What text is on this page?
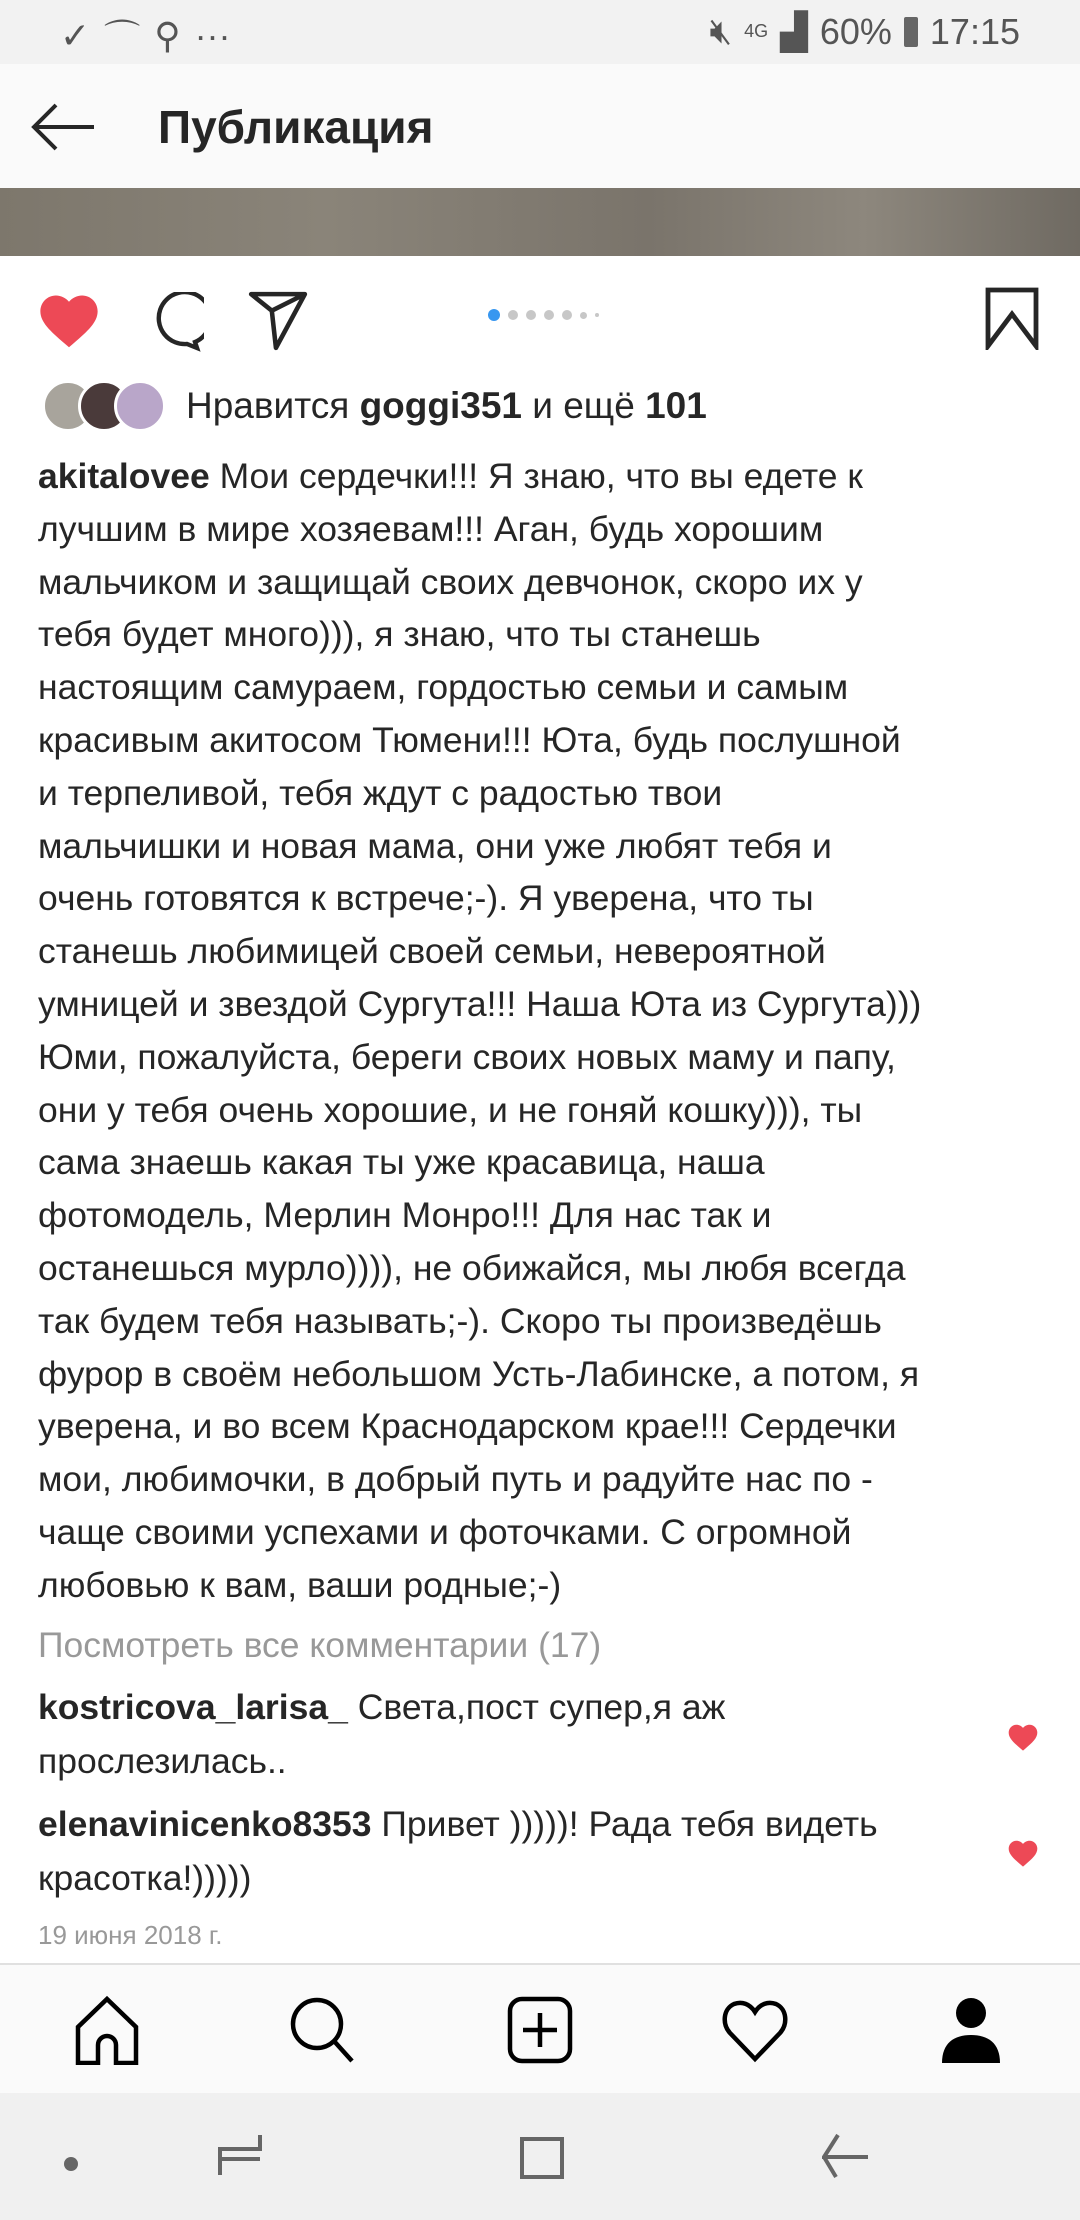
✓ ⌒ ⚲ ···	🔇︎ 4G ▟ 60% 17:15
Публикация
Нравится goggi351 и ещё 101
akitalovee Мои сердечки!!! Я знаю, что вы едете к
лучшим в мире хозяевам!!! Аган, будь хорошим
мальчиком и защищай своих девчонок, скоро их у
тебя будет много))), я знаю, что ты станешь
настоящим самураем, гордостью семьи и самым
красивым акитосом Тюмени!!! Юта, будь послушной
и терпеливой, тебя ждут с радостью твои
мальчишки и новая мама, они уже любят тебя и
очень готовятся к встрече;-). Я уверена, что ты
станешь любимицей своей семьи, невероятной
умницей и звездой Сургута!!! Наша Юта из Сургута)))
Юми, пожалуйста, береги своих новых маму и папу,
они у тебя очень хорошие, и не гоняй кошку))), ты
сама знаешь какая ты уже красавица, наша
фотомодель, Мерлин Монро!!! Для нас так и
останешься мурло)))), не обижайся, мы любя всегда
так будем тебя называть;-). Скоро ты произведёшь
фурор в своём небольшом Усть-Лабинске, а потом, я
уверена, и во всем Краснодарском крае!!! Сердечки
мои, любимочки, в добрый путь и радуйте нас по -
чаще своими успехами и фоточками. С огромной
любовью к вам, ваши родные;-)
Посмотреть все комментарии (17)
kostricova_larisa_ Света,пост супер,я аж
прослезилась..
elenavinicenko8353 Привет )))))! Рада тебя видеть
красотка!)))))
19 июня 2018 г.
